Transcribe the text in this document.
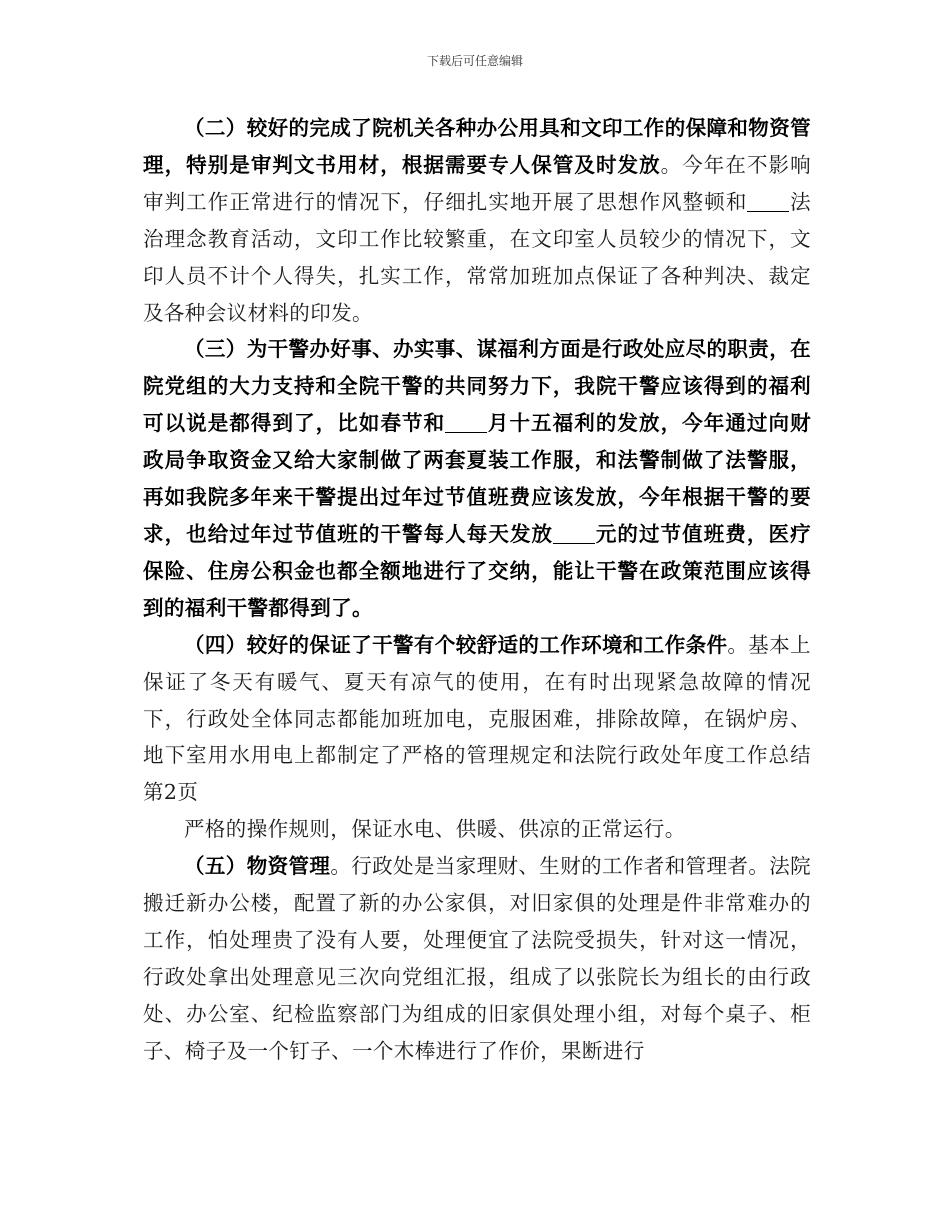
下载后可任意编辑

（二）较好的完成了院机关各种办公用具和文印工作的保障和物资管理，特别是审判文书用材，根据需要专人保管及时发放。今年在不影响审判工作正常进行的情况下，仔细扎实地开展了思想作风整顿和 法治理念教育活动，文印工作比较繁重，在文印室人员较少的情况下，文印人员不计个人得失，扎实工作，常常加班加点保证了各种判决、裁定及各种会议材料的印发。

（三）为干警办好事、办实事、谋福利方面是行政处应尽的职责，在院党组的大力支持和全院干警的共同努力下，我院干警应该得到的福利可以说是都得到了，比如春节和 月十五福利的发放，今年通过向财政局争取资金又给大家制做了两套夏装工作服，和法警制做了法警服，再如我院多年来干警提出过年过节值班费应该发放，今年根据干警的要求，也给过年过节值班的干警每人每天发放 元的过节值班费，医疗保险、住房公积金也都全额地进行了交纳，能让干警在政策范围应该得到的福利干警都得到了。

（四）较好的保证了干警有个较舒适的工作环境和工作条件。基本上保证了冬天有暖气、夏天有凉气的使用，在有时出现紧急故障的情况下，行政处全体同志都能加班加电，克服困难，排除故障，在锅炉房、地下室用水用电上都制定了严格的管理规定和法院行政处年度工作总结第2页

严格的操作规则，保证水电、供暖、供凉的正常运行。

（五）物资管理。行政处是当家理财、生财的工作者和管理者。法院搬迁新办公楼，配置了新的办公家俱，对旧家俱的处理是件非常难办的工作，怕处理贵了没有人要，处理便宜了法院受损失，针对这一情况，行政处拿出处理意见三次向党组汇报，组成了以张院长为组长的由行政处、办公室、纪检监察部门为组成的旧家俱处理小组，对每个桌子、柜子、椅子及一个钉子、一个木棒进行了作价，果断进行
